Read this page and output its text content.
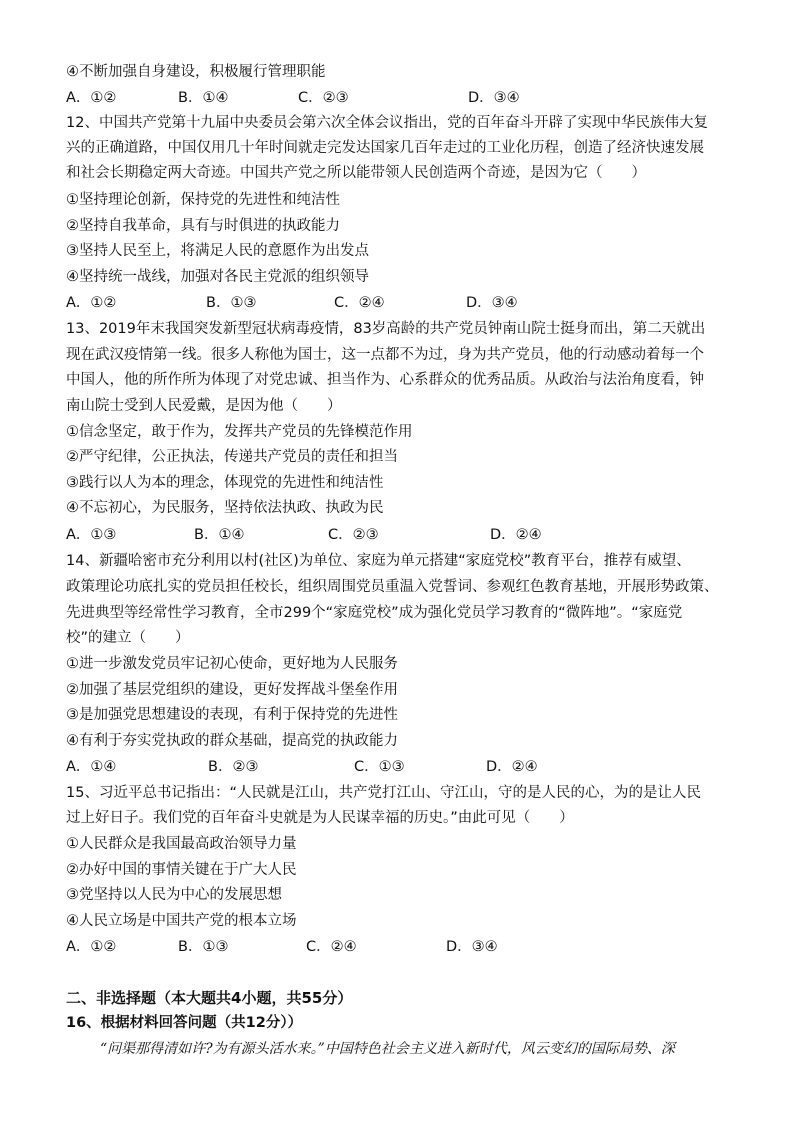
④不断加强自身建设，积极履行管理职能
A．①②	B．①④	C．②③	D．③④
12、中国共产党第十九届中央委员会第六次全体会议指出，党的百年奋斗开辟了实现中华民族伟大复
兴的正确道路，中国仅用几十年时间就走完发达国家几百年走过的工业化历程，创造了经济快速发展
和社会长期稳定两大奇迹。中国共产党之所以能带领人民创造两个奇迹，是因为它（　　）
①坚持理论创新，保持党的先进性和纯洁性
②坚持自我革命，具有与时俱进的执政能力
③坚持人民至上，将满足人民的意愿作为出发点
④坚持统一战线，加强对各民主党派的组织领导
A．①②	B．①③	C．②④	D．③④
13、2019年末我国突发新型冠状病毒疫情，83岁高龄的共产党员钟南山院士挺身而出，第二天就出
现在武汉疫情第一线。很多人称他为国士，这一点都不为过，身为共产党员，他的行动感动着每一个
中国人，他的所作所为体现了对党忠诚、担当作为、心系群众的优秀品质。从政治与法治角度看，钟
南山院士受到人民爱戴，是因为他（　　）
①信念坚定，敢于作为，发挥共产党员的先锋模范作用
②严守纪律，公正执法，传递共产党员的责任和担当
③践行以人为本的理念，体现党的先进性和纯洁性
④不忘初心，为民服务，坚持依法执政、执政为民
A．①③	B．①④	C．②③	D．②④
14、新疆哈密市充分利用以村(社区)为单位、家庭为单元搭建“家庭党校”教育平台，推荐有威望、
政策理论功底扎实的党员担任校长，组织周围党员重温入党誓词、参观红色教育基地，开展形势政策、
先进典型等经常性学习教育，全市299个“家庭党校”成为强化党员学习教育的“微阵地”。“家庭党
校”的建立（　　）
①进一步激发党员牢记初心使命，更好地为人民服务
②加强了基层党组织的建设，更好发挥战斗堡垒作用
③是加强党思想建设的表现，有利于保持党的先进性
④有利于夯实党执政的群众基础，提高党的执政能力
A．①④	B．②③	C．①③	D．②④
15、习近平总书记指出：“人民就是江山，共产党打江山、守江山，守的是人民的心，为的是让人民
过上好日子。我们党的百年奋斗史就是为人民谋幸福的历史。”由此可见（　　）
①人民群众是我国最高政治领导力量
②办好中国的事情关键在于广大人民
③党坚持以人民为中心的发展思想
④人民立场是中国共产党的根本立场
A．①②	B．①③	C．②④	D．③④
二、非选择题（本大题共4小题，共55分）
16、根据材料回答问题（共12分））
“问渠那得清如许?为有源头活水来。”中国特色社会主义进入新时代，风云变幻的国际局势、深
